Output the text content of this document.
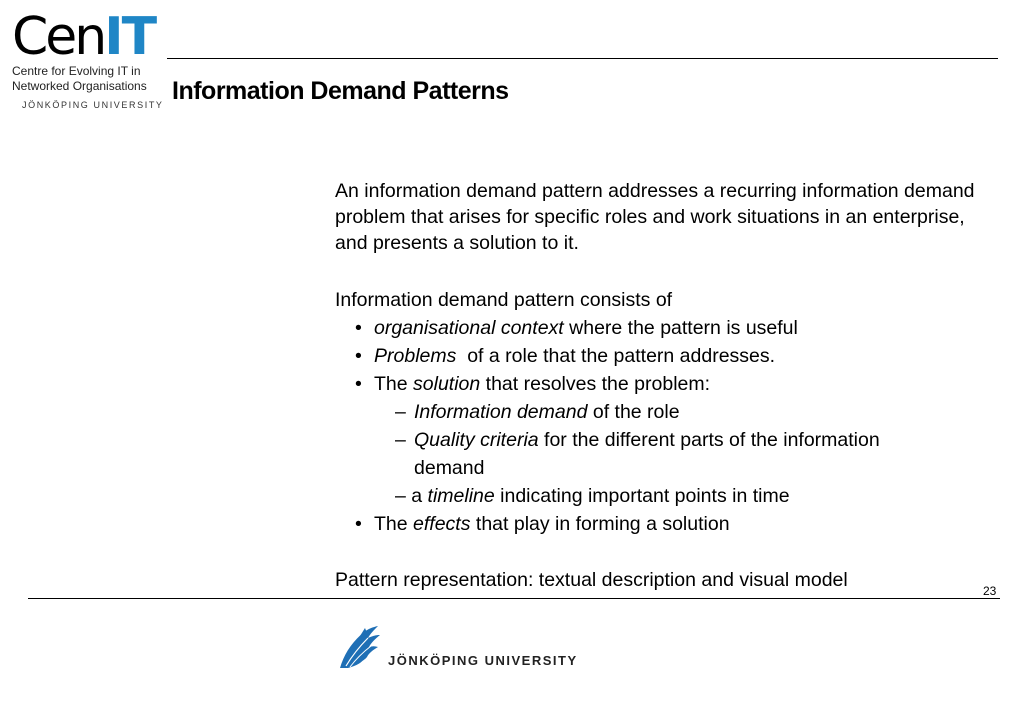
CenIT
Centre for Evolving IT in
Networked Organisations
JÖNKÖPING UNIVERSITY Information Demand Patterns

An information demand pattern addresses a recurring information demand problem that arises for specific roles and work situations in an enterprise, and presents a solution to it.

Information demand pattern consists of

• organisational context where the pattern is useful

• Problems  of a role that the pattern addresses.

• The solution that resolves the problem:

– Information demand of the role

– Quality criteria for the different parts of the information

demand

– a timeline indicating important points in time

• The effects that play in forming a solution

Pattern representation: textual description and visual model	23
JÖNKÖPING UNIVERSITY
